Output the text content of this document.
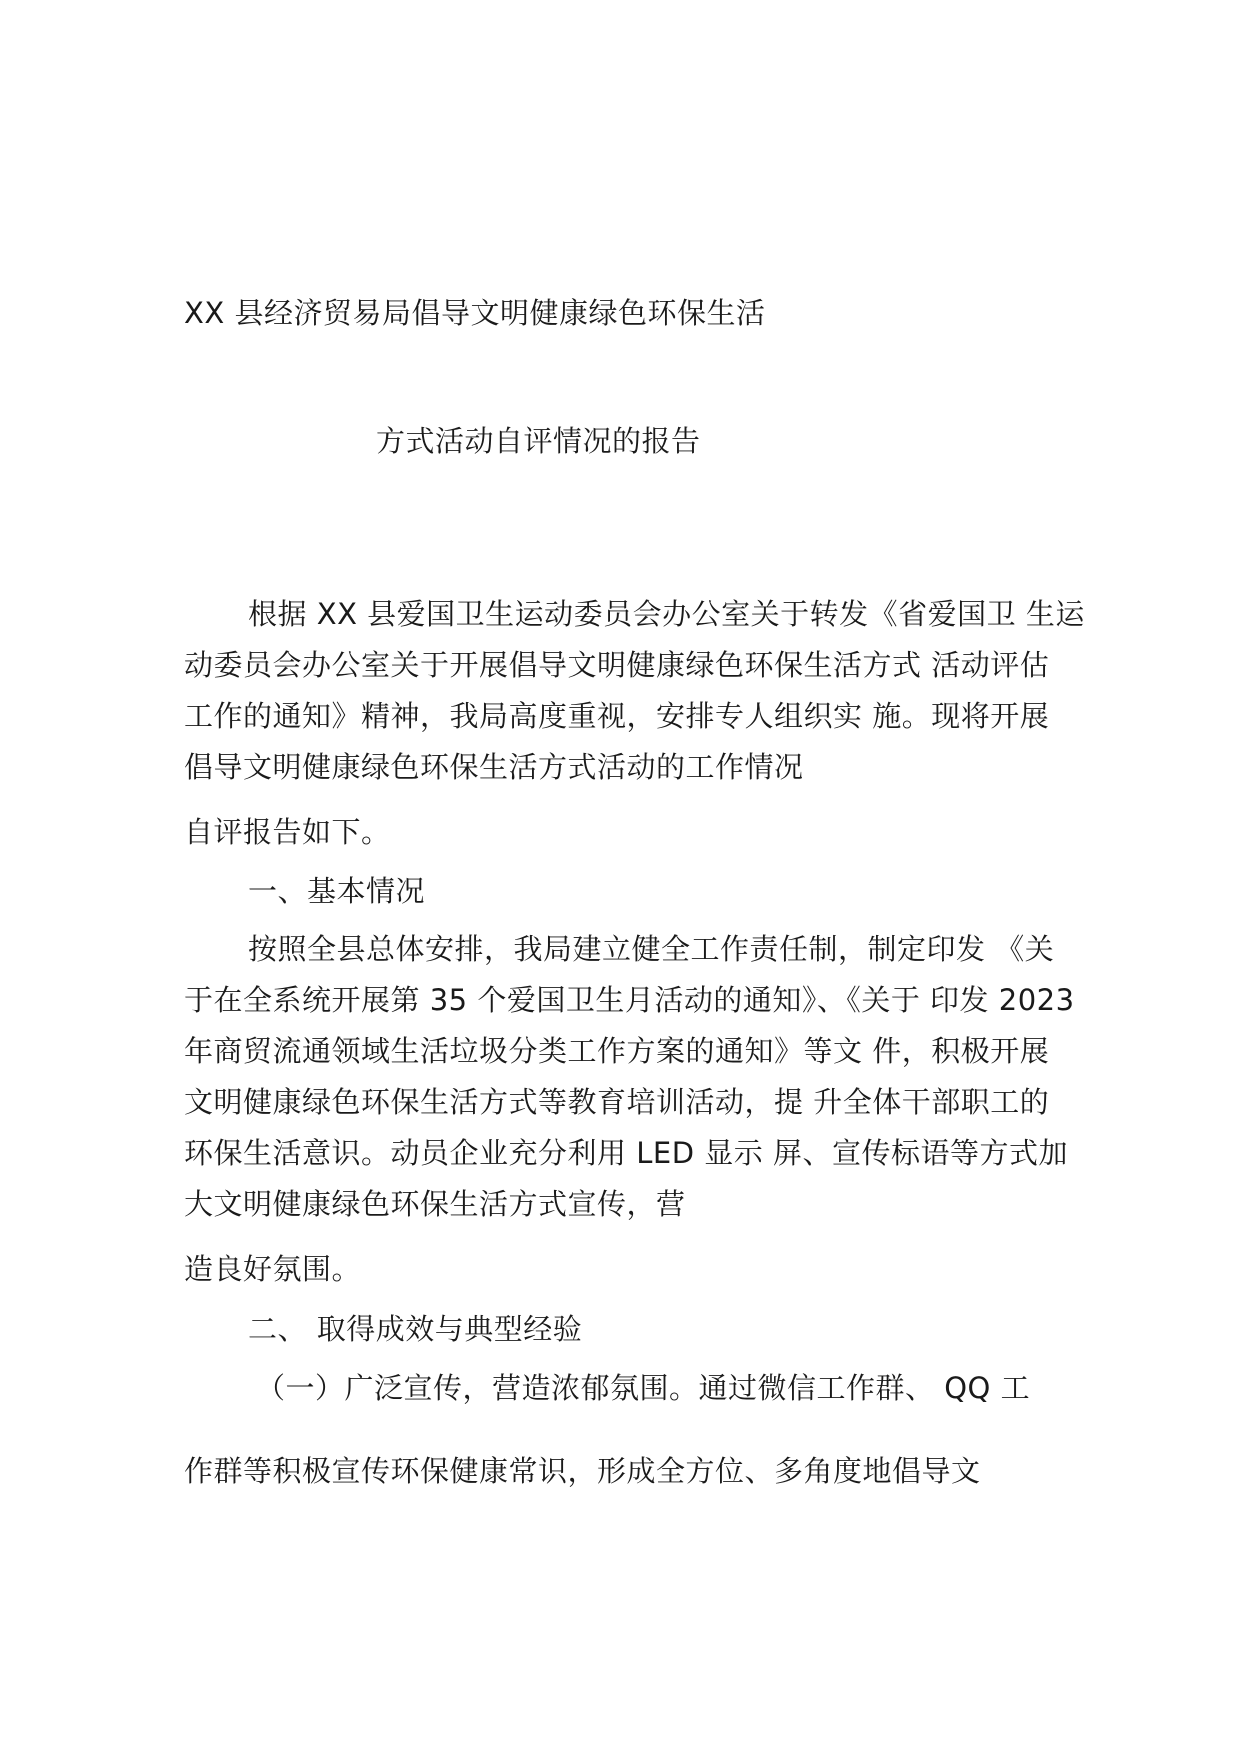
XX 县经济贸易局倡导文明健康绿色环保生活

方式活动自评情况的报告

根据 XX 县爱国卫生运动委员会办公室关于转发《省爱国卫 生运

动委员会办公室关于开展倡导文明健康绿色环保生活方式 活动评估

工作的通知》精神，我局高度重视，安排专人组织实 施。现将开展

倡导文明健康绿色环保生活方式活动的工作情况

自评报告如下。

一、基本情况

按照全县总体安排，我局建立健全工作责任制，制定印发 《关

于在全系统开展第 35 个爱国卫生月活动的通知》、《关于 印发 2023

年商贸流通领域生活垃圾分类工作方案的通知》等文 件，积极开展

文明健康绿色环保生活方式等教育培训活动，提 升全体干部职工的

环保生活意识。动员企业充分利用 LED 显示 屏、宣传标语等方式加

大文明健康绿色环保生活方式宣传，营

造良好氛围。

二、 取得成效与典型经验

（一）广泛宣传，营造浓郁氛围。通过微信工作群、 QQ 工

作群等积极宣传环保健康常识，形成全方位、多角度地倡导文
